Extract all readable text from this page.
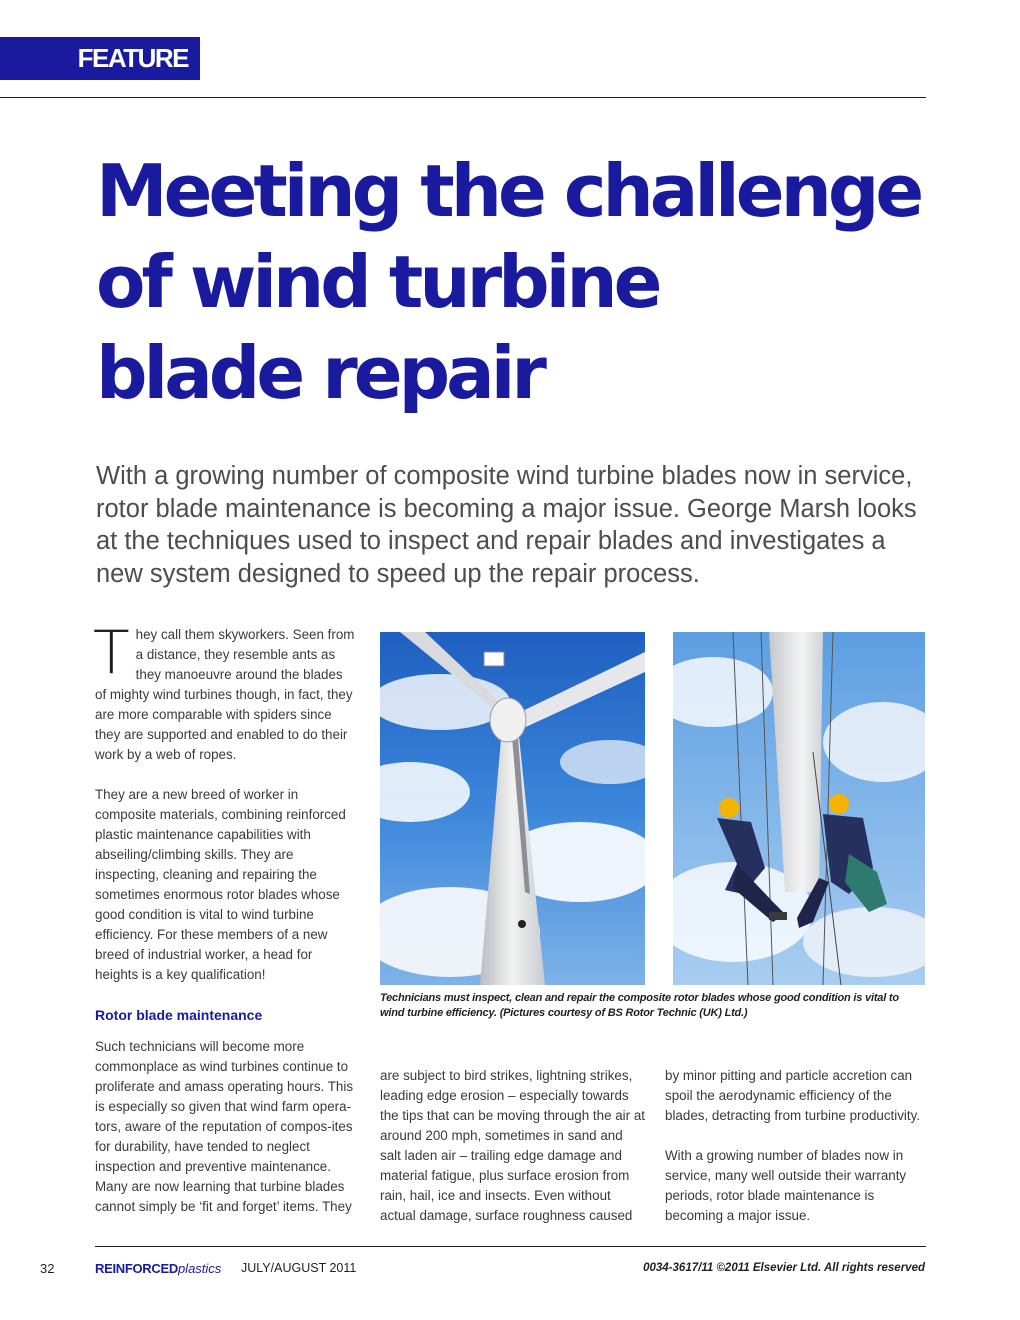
FEATURE
Meeting the challenge
of wind turbine
blade repair

With a growing number of composite wind turbine blades now in service, rotor blade maintenance is becoming a major issue. George Marsh looks at the techniques used to inspect and repair blades and investigates a new system designed to speed up the repair process.

They call them skyworkers. Seen from a distance, they resemble ants as they manoeuvre around the blades of mighty wind turbines though, in fact, they are more comparable with spiders since they are supported and enabled to do their work by a web of ropes.

They are a new breed of worker in composite materials, combining reinforced plastic maintenance capabilities with abseiling/climbing skills. They are inspecting, cleaning and repairing the sometimes enormous rotor blades whose good condition is vital to wind turbine efficiency. For these members of a new breed of industrial worker, a head for heights is a key qualification!

Rotor blade maintenance

Such technicians will become more commonplace as wind turbines continue to proliferate and amass operating hours. This is especially so given that wind farm opera-tors, aware of the reputation of compos-ites for durability, have tended to neglect inspection and preventive maintenance. Many are now learning that turbine blades cannot simply be ‘fit and forget’ items. They

Technicians must inspect, clean and repair the composite rotor blades whose good condition is vital to wind turbine efficiency. (Pictures courtesy of BS Rotor Technic (UK) Ltd.)

are subject to bird strikes, lightning strikes, leading edge erosion – especially towards the tips that can be moving through the air at around 200 mph, sometimes in sand and salt laden air – trailing edge damage and material fatigue, plus surface erosion from rain, hail, ice and insects. Even without actual damage, surface roughness caused

by minor pitting and particle accretion can spoil the aerodynamic efficiency of the blades, detracting from turbine productivity.

With a growing number of blades now in service, many well outside their warranty periods, rotor blade maintenance is becoming a major issue.

32	REINFORCEDplastics JULY/AUGUST 2011	0034-3617/11 ©2011 Elsevier Ltd. All rights reserved
